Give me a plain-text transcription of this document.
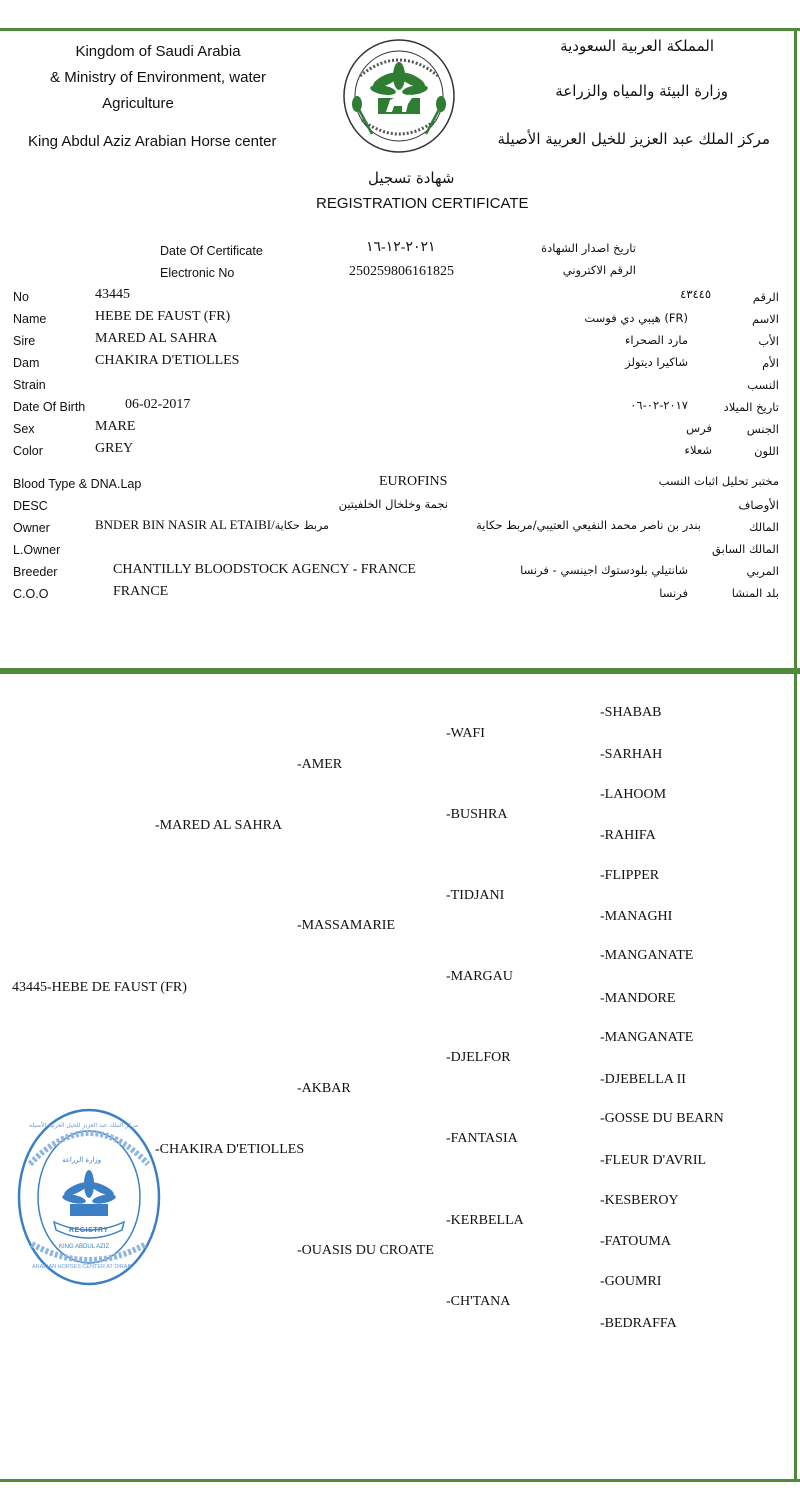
Kingdom of Saudi Arabia
& Ministry of Environment, water
Agriculture
King Abdul Aziz Arabian Horse center
المملكة العربية السعودية
وزارة البيئة والمياه والزراعة
مركز الملك عبد العزيز للخيل العربية الأصيلة
شهادة تسجيل
REGISTRATION CERTIFICATE
Date Of Certificate	٢٠٢١-١٢-١٦	تاريخ اصدار الشهادة
Electronic No	250259806161825	الرقم الاكتروني
No	43445	٤٣٤٤٥	الرقم
Name	HEBE DE FAUST (FR)	(FR) هيبي دي فوست	الاسم
Sire	MARED AL SAHRA	مارد الصحراء	الأب
Dam	CHAKIRA D'ETIOLLES	شاكيرا ديتولز	الأم
Strain	النسب
Date Of Birth	06-02-2017	٢٠١٧-٠٢-٠٦	تاريخ الميلاد
Sex	MARE	فرس	الجنس
Color	GREY	شعلاء	اللون
Blood Type & DNA.Lap	EUROFINS	مختبر تحليل اثبات النسب
DESC	نجمة وخلخال الخلفيتين	الأوصاف
Owner	BNDER BIN NASIR AL ETAIBI/مربط حكاية	بندر بن ناصر محمد النفيعي العتيبي/مربط حكاية	المالك
L.Owner	المالك السابق
Breeder	CHANTILLY BLOODSTOCK AGENCY - FRANCE	شانتيلي بلودستوك اجينسي - فرنسا	المربي
C.O.O	FRANCE	فرنسا	بلد المنشا
43445-HEBE DE FAUST (FR)
-MARED AL SAHRA
-CHAKIRA D'ETIOLLES
-AMER
-MASSAMARIE
-AKBAR
-OUASIS DU CROATE
-WAFI
-BUSHRA
-TIDJANI
-MARGAU
-DJELFOR
-FANTASIA
-KERBELLA
-CH'TANA
-SHABAB
-SARHAH
-LAHOOM
-RAHIFA
-FLIPPER
-MANAGHI
-MANGANATE
-MANDORE
-MANGANATE
-DJEBELLA II
-GOSSE DU BEARN
-FLEUR D'AVRIL
-KESBEROY
-FATOUMA
-GOUMRI
-BEDRAFFA
مركز الملك عبد العزيز للخيل العربية الأصيلة
وزارة الزراعة
REGISTRY
KING ABDUL AZIZ
ARABIAN HORSES CENTER AT DIRAB
